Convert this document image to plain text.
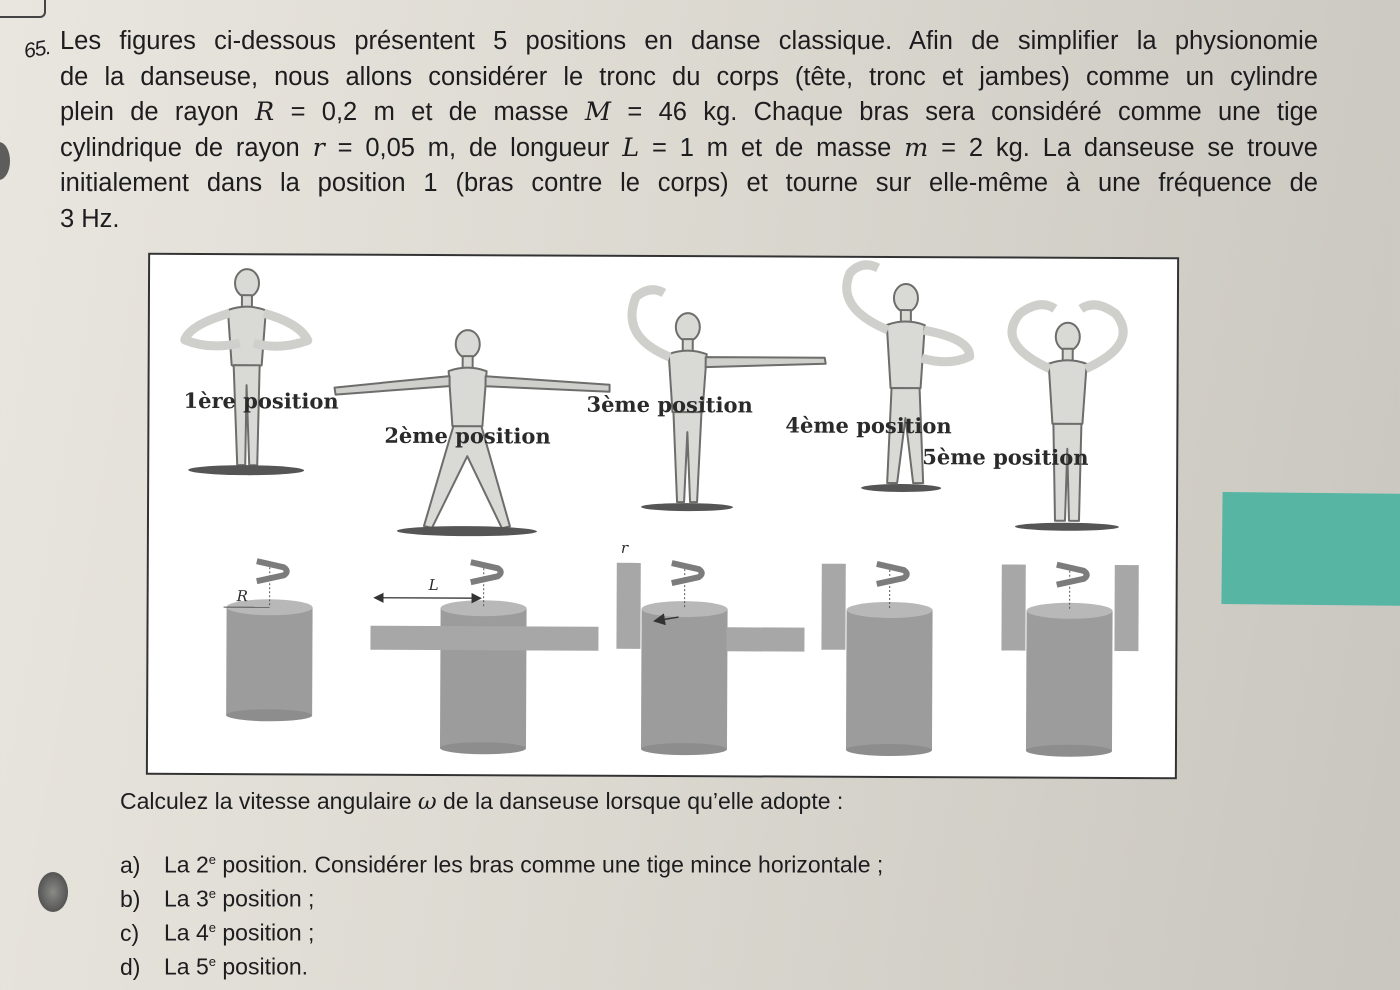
65. Les figures ci-dessous présentent 5 positions en danse classique. Afin de simplifier la physionomie
de la danseuse, nous allons considérer le tronc du corps (tête, tronc et jambes) comme un cylindre
plein de rayon R = 0,2 m et de masse M = 46 kg. Chaque bras sera considéré comme une tige
cylindrique de rayon r = 0,05 m, de longueur L = 1 m et de masse m = 2 kg. La danseuse se trouve
initialement dans la position 1 (bras contre le corps) et tourne sur elle-même à une fréquence de
3 Hz.

1ère position
2ème position
3ème position
4ème position
5ème position
R
L
r

Calculez la vitesse angulaire ω de la danseuse lorsque qu’elle adopte :

a) La 2e position. Considérer les bras comme une tige mince horizontale ;
b) La 3e position ;
c) La 4e position ;
d) La 5e position.
